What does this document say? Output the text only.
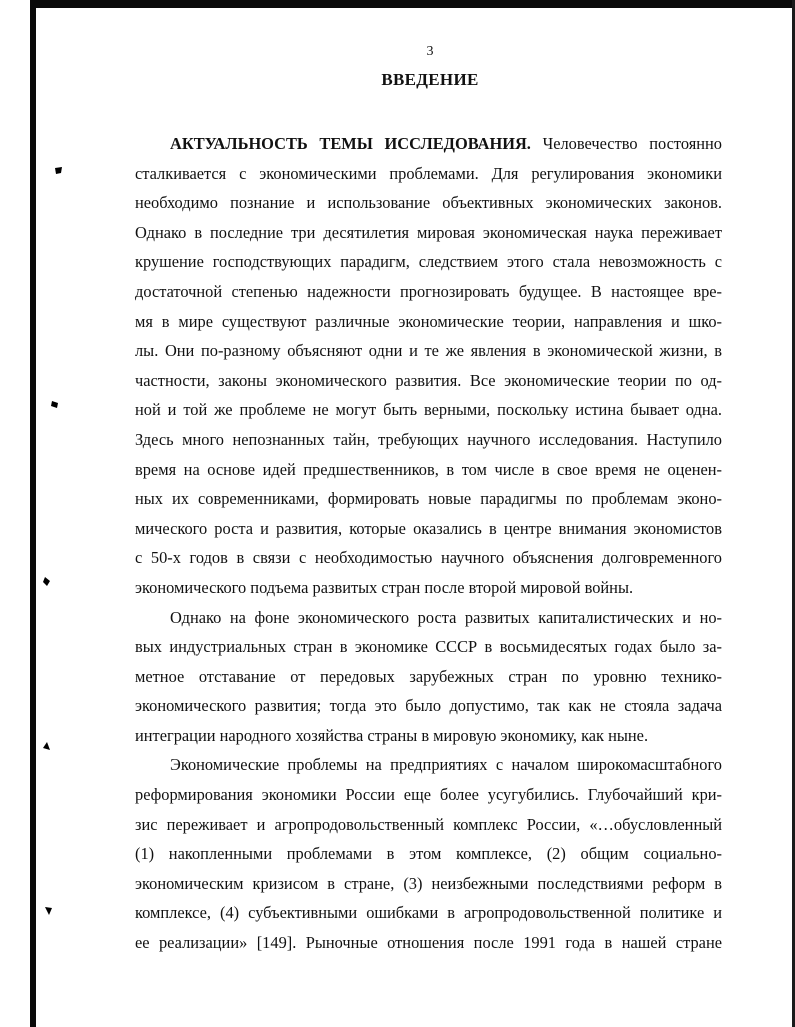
3
ВВЕДЕНИЕ
АКТУАЛЬНОСТЬ ТЕМЫ ИССЛЕДОВАНИЯ. Человечество постоянно
сталкивается с экономическими проблемами. Для регулирования экономики
необходимо познание и использование объективных экономических законов.
Однако в последние три десятилетия мировая экономическая наука переживает
крушение господствующих парадигм, следствием этого стала невозможность с
достаточной степенью надежности прогнозировать будущее. В настоящее вре-
мя в мире существуют различные экономические теории, направления и шко-
лы. Они по-разному объясняют одни и те же явления в экономической жизни, в
частности, законы экономического развития. Все экономические теории по од-
ной и той же проблеме не могут быть верными, поскольку истина бывает одна.
Здесь много непознанных тайн, требующих научного исследования. Наступило
время на основе идей предшественников, в том числе в свое время не оценен-
ных их современниками, формировать новые парадигмы по проблемам эконо-
мического роста и развития, которые оказались в центре внимания экономистов
с 50-х годов в связи с необходимостью научного объяснения долговременного
экономического подъема развитых стран после второй мировой войны.
Однако на фоне экономического роста развитых капиталистических и но-
вых индустриальных стран в экономике СССР в восьмидесятых годах было за-
метное отставание от передовых зарубежных стран по уровню технико-
экономического развития; тогда это было допустимо, так как не стояла задача
интеграции народного хозяйства страны в мировую экономику, как ныне.
Экономические проблемы на предприятиях с началом широкомасштабного
реформирования экономики России еще более усугубились. Глубочайший кри-
зис переживает и агропродовольственный комплекс России, «…обусловленный
(1) накопленными проблемами в этом комплексе, (2) общим социально-
экономическим кризисом в стране, (3) неизбежными последствиями реформ в
комплексе, (4) субъективными ошибками в агропродовольственной политике и
ее реализации» [149]. Рыночные отношения после 1991 года в нашей стране
